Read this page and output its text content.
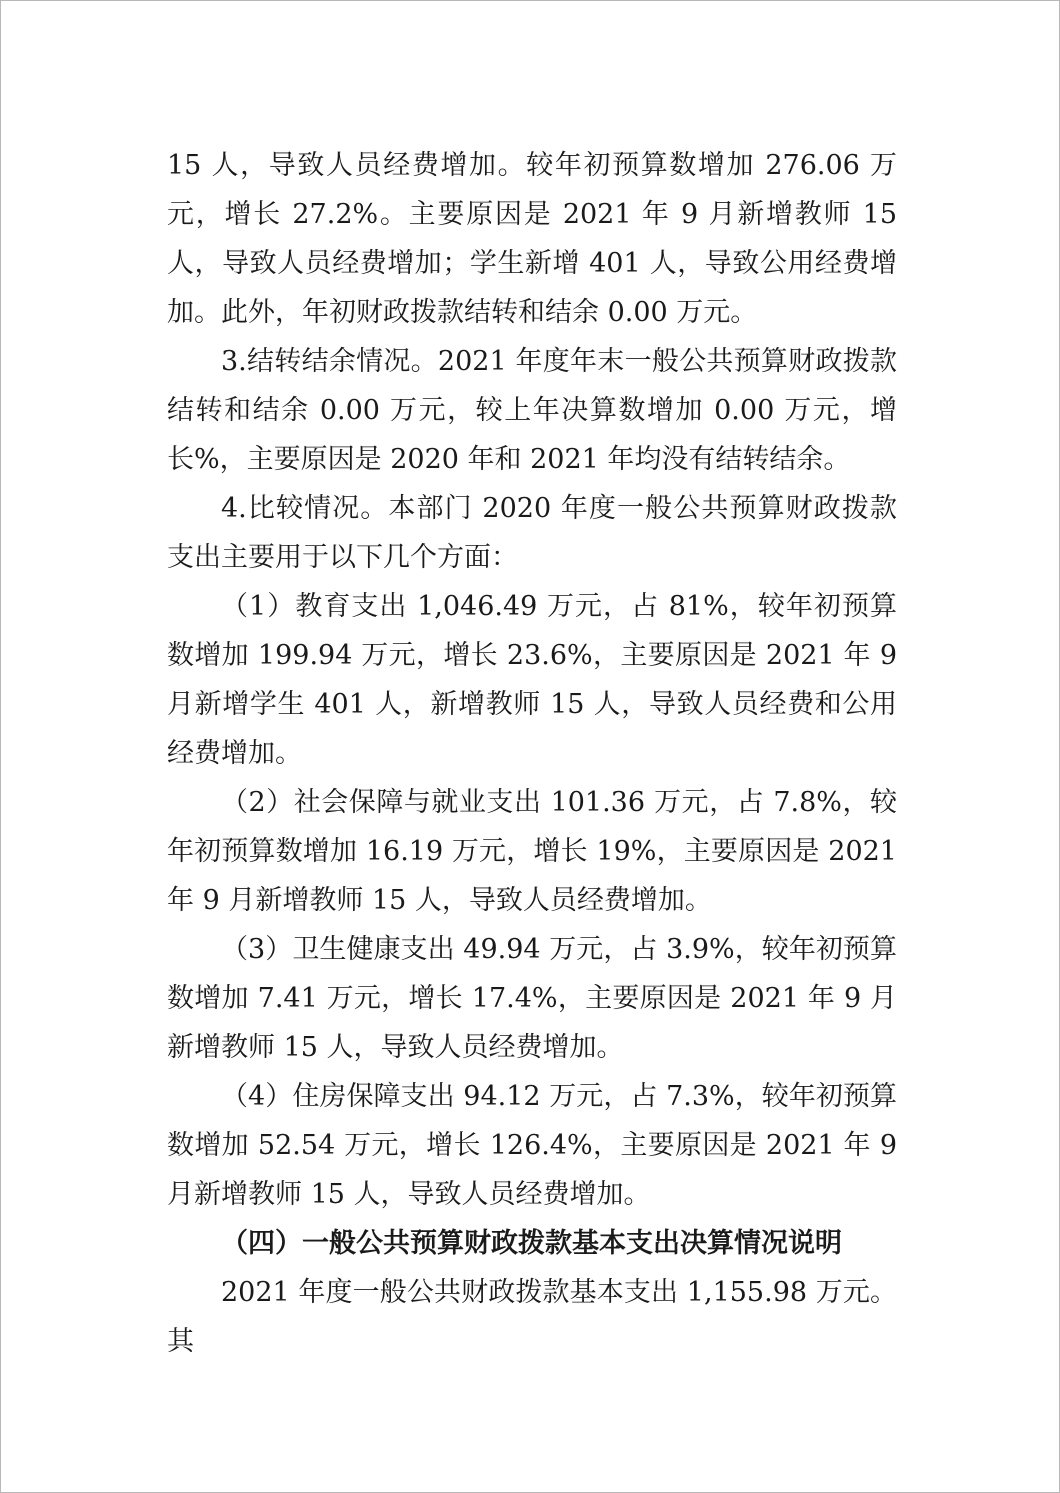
15 人，导致人员经费增加。较年初预算数增加 276.06 万元，增长 27.2%。主要原因是 2021 年 9 月新增教师 15 人，导致人员经费增加；学生新增 401 人，导致公用经费增加。此外，年初财政拨款结转和结余 0.00 万元。

3.结转结余情况。2021 年度年末一般公共预算财政拨款结转和结余 0.00 万元，较上年决算数增加 0.00 万元，增长%，主要原因是 2020 年和 2021 年均没有结转结余。

4.比较情况。本部门 2020 年度一般公共预算财政拨款支出主要用于以下几个方面：

（1）教育支出 1,046.49 万元，占 81%，较年初预算数增加 199.94 万元，增长 23.6%，主要原因是 2021 年 9 月新增学生 401 人，新增教师 15 人，导致人员经费和公用经费增加。

（2）社会保障与就业支出 101.36 万元，占 7.8%，较年初预算数增加 16.19 万元，增长 19%，主要原因是 2021 年 9 月新增教师 15 人，导致人员经费增加。

（3）卫生健康支出 49.94 万元，占 3.9%，较年初预算数增加 7.41 万元，增长 17.4%，主要原因是 2021 年 9 月新增教师 15 人，导致人员经费增加。

（4）住房保障支出 94.12 万元，占 7.3%，较年初预算数增加 52.54 万元，增长 126.4%，主要原因是 2021 年 9 月新增教师 15 人，导致人员经费增加。

（四）一般公共预算财政拨款基本支出决算情况说明

2021 年度一般公共财政拨款基本支出 1,155.98 万元。其
